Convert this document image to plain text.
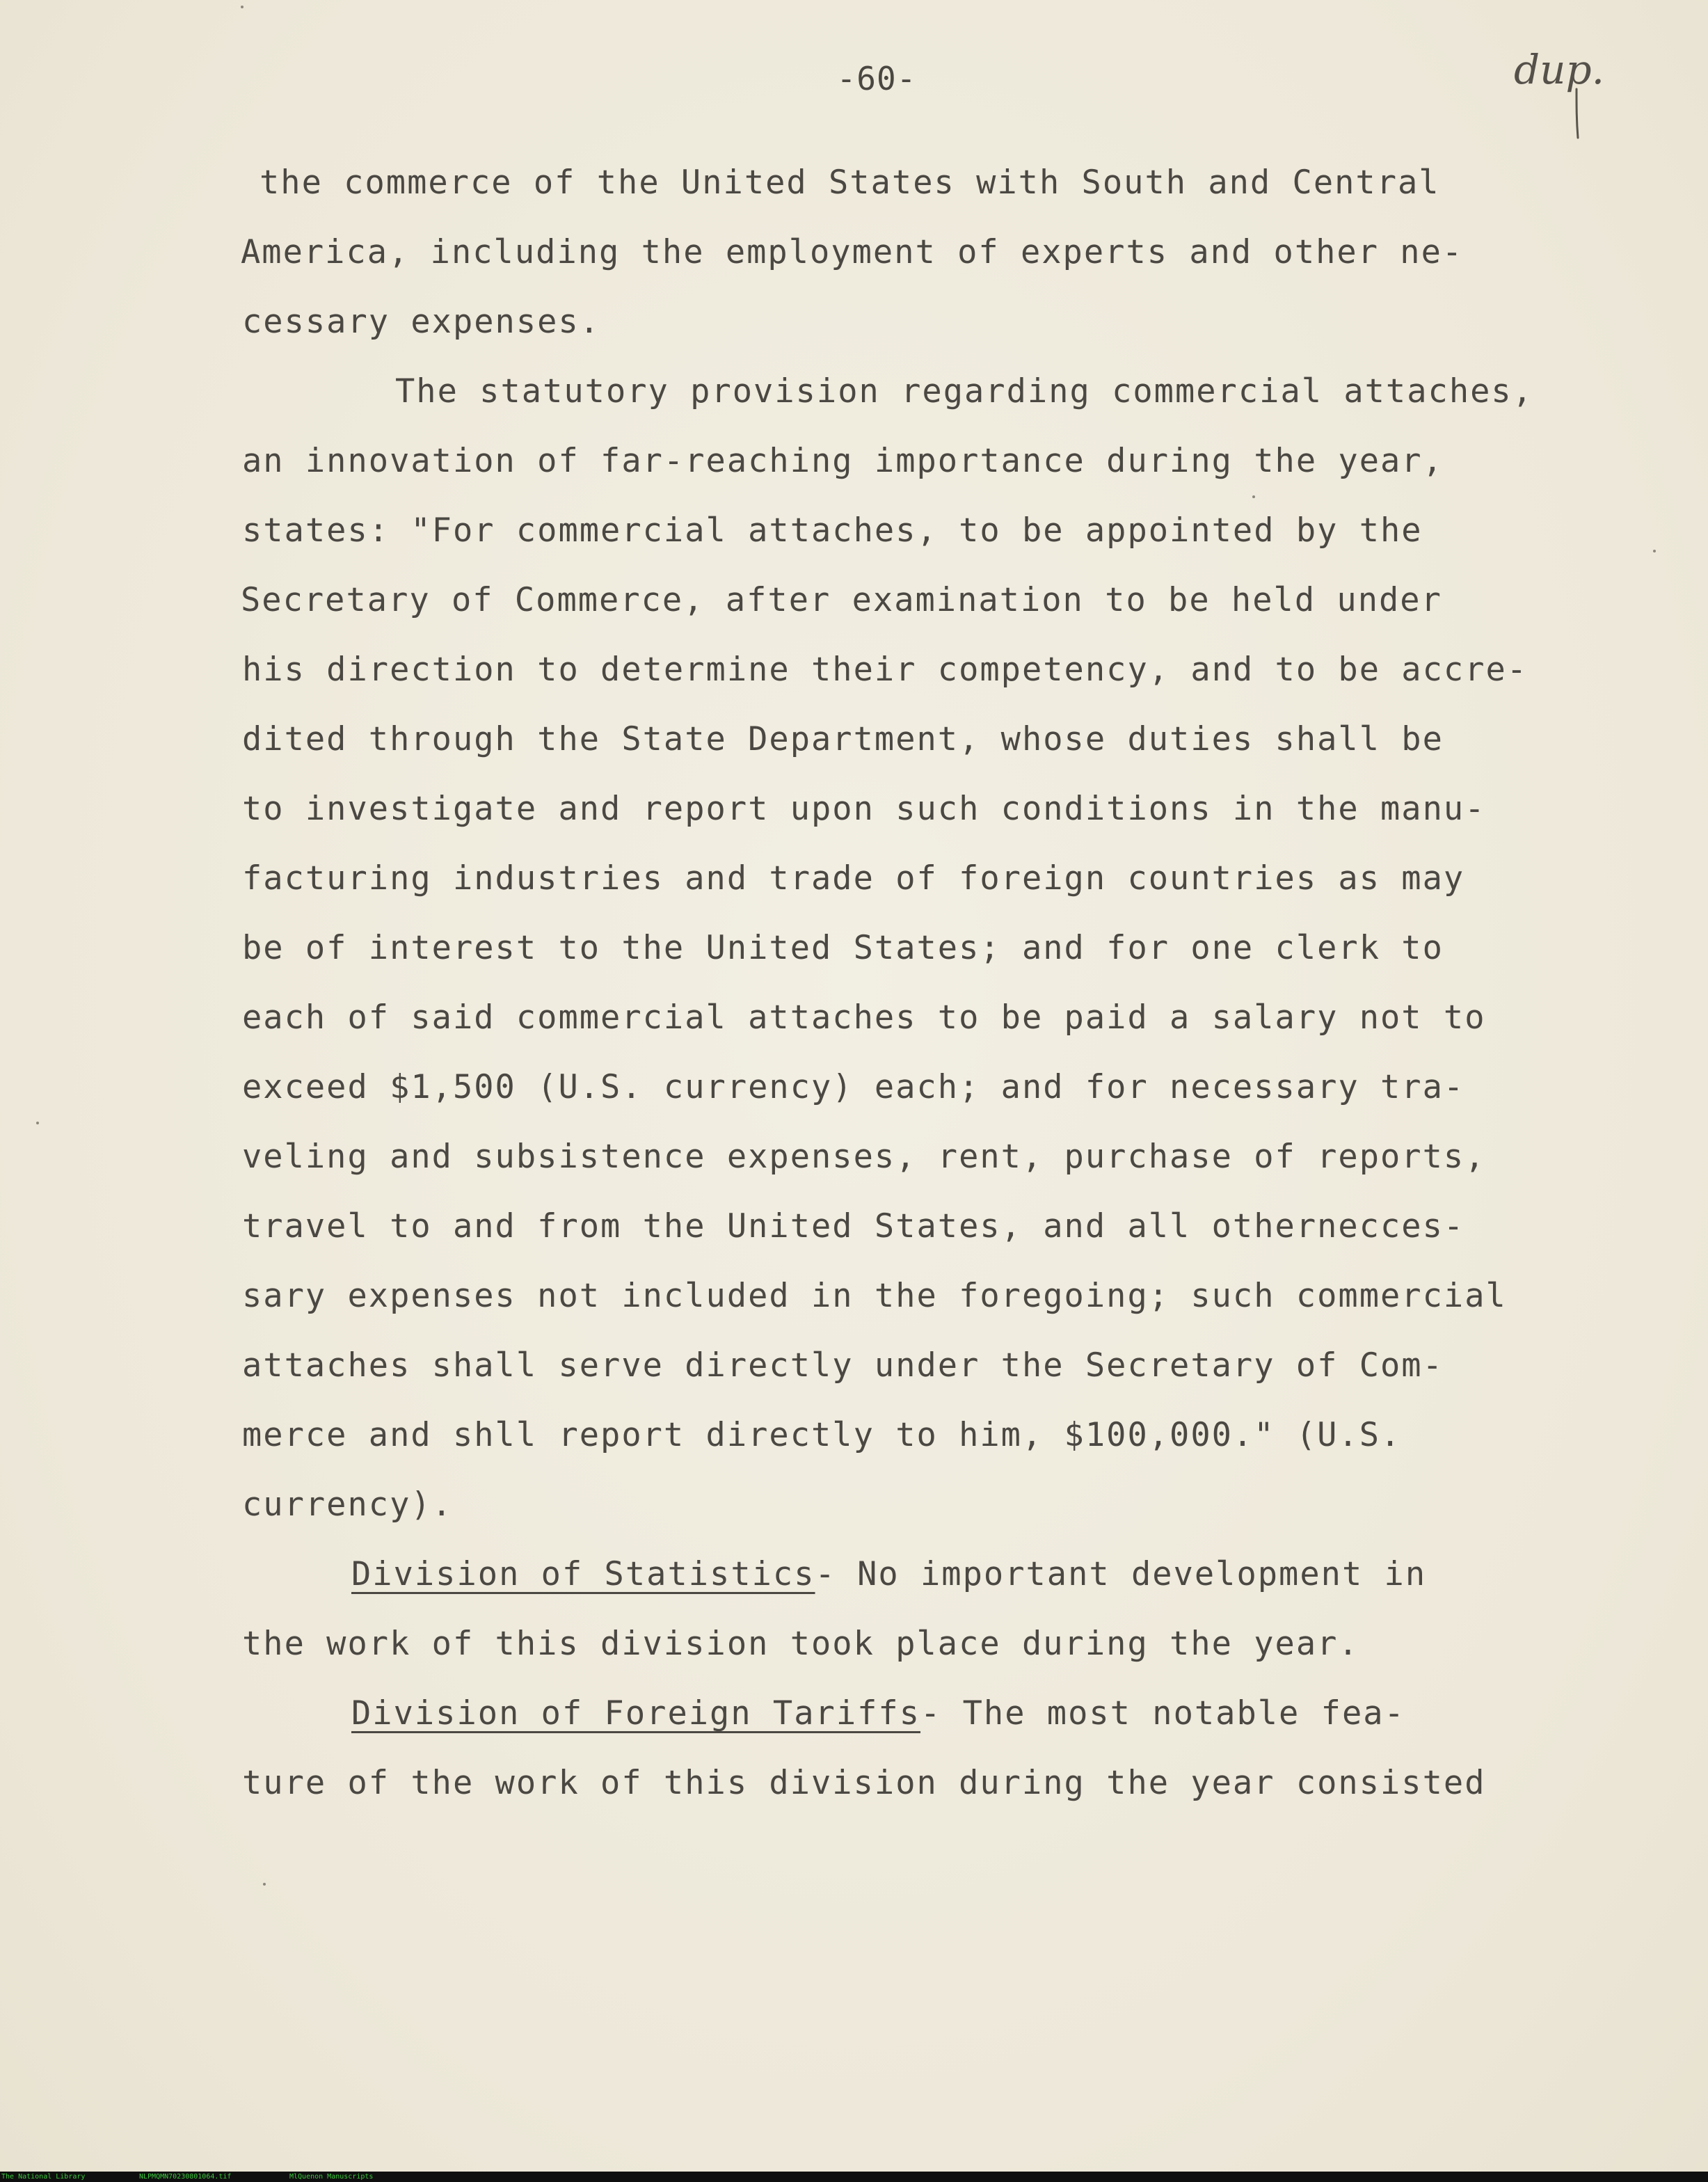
-60-	dup.
the commerce of the United States with South and Central
America, including the employment of experts and other ne-
cessary expenses.
The statutory provision regarding commercial attaches,
an innovation of far-reaching importance during the year,
states: "For commercial attaches, to be appointed by the
Secretary of Commerce, after examination to be held under
his direction to determine their competency, and to be accre-
dited through the State Department, whose duties shall be
to investigate and report upon such conditions in the manu-
facturing industries and trade of foreign countries as may
be of interest to the United States; and for one clerk to
each of said commercial attaches to be paid a salary not to
exceed $1,500 (U.S. currency) each; and for necessary tra-
veling and subsistence expenses, rent, purchase of reports,
travel to and from the United States, and all othernecces-
sary expenses not included in the foregoing; such commercial
attaches shall serve directly under the Secretary of Com-
merce and shll report directly to him, $100,000." (U.S.
currency).
Division of Statistics- No important development in
the work of this division took place during the year.
Division of Foreign Tariffs- The most notable fea-
ture of the work of this division during the year consisted
The National Library	NLPMQMN70230801064.tif	MlQuenon Manuscripts
